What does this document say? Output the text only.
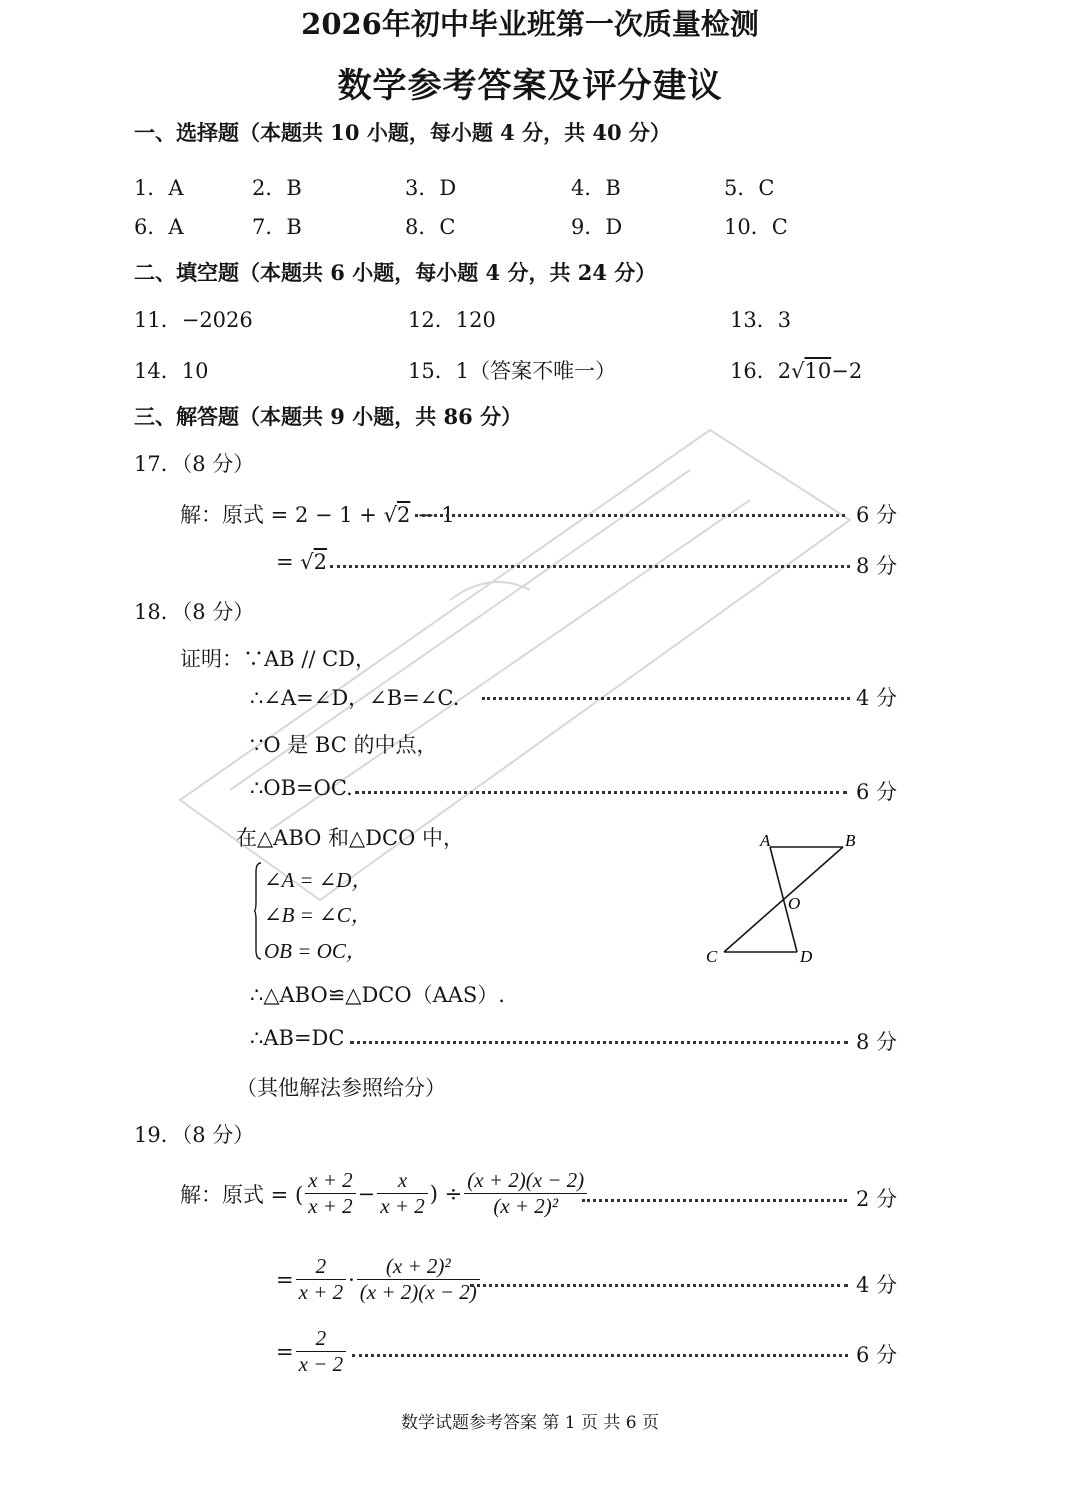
2026年初中毕业班第一次质量检测
数学参考答案及评分建议
一、选择题（本题共 10 小题，每小题 4 分，共 40 分）
1．A	2．B	3．D	4．B	5．C
6．A	7．B	8．C	9．D	10．C
二、填空题（本题共 6 小题，每小题 4 分，共 24 分）
11．−2026	12．120	13．3
14．10	15．1（答案不唯一）	16．2√10−2
三、解答题（本题共 9 小题，共 86 分）
17．（8 分）
解：原式 = 2 − 1 + √2 − 1	6 分
= √2	8 分
18．（8 分）
证明：∵AB // CD，
∴∠A=∠D，∠B=∠C.	4 分
∵O 是 BC 的中点，
∴OB=OC.	6 分
在△ABO 和△DCO 中，
∠A = ∠D，
∠B = ∠C，
OB = OC，
A	B
O
C	D
∴△ABO≌△DCO（AAS）.
∴AB=DC	8 分
（其他解法参照给分）
19．（8 分）
解：原式 = ( $\frac{x + 2}{x + 2} - \frac{x}{x + 2}$ ) ÷ $\frac{(x + 2)(x - 2)}{\text{(x + 2)²}}$	2 分
= $\frac{2}{x + 2} \cdot \frac{\text{(x + 2)²}}{(x + 2)(x - 2)}$	4 分
= $\frac{2}{x - 2}$	6 分
数学试题参考答案 第 1 页 共 6 页
